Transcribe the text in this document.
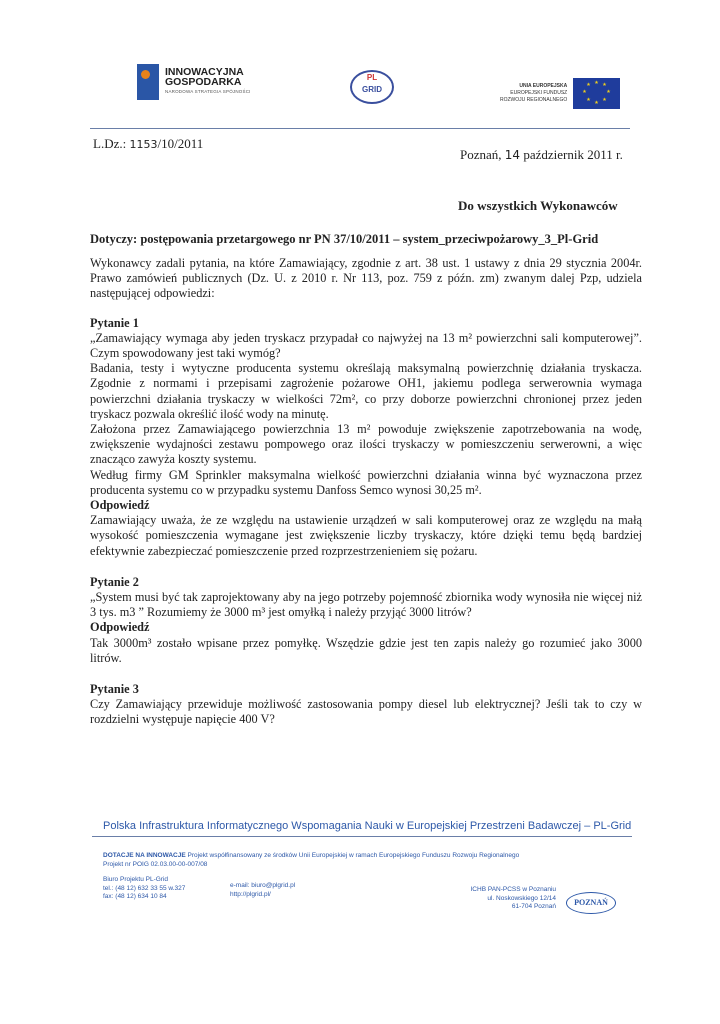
INNOWACYJNA
GOSPODARKA
NARODOWA STRATEGIA SPÓJNOŚCI
PL
GRID	UNIA EUROPEJSKA
EUROPEJSKI FUNDUSZ
ROZWOJU REGIONALNEGO
★ ★
★
★
★
★
★
★
L.Dz.: 1153/10/2011
Poznań, 14 październik 2011 r.
Do wszystkich Wykonawców
Dotyczy: postępowania przetargowego nr PN 37/10/2011 – system_przeciwpożarowy_3_Pl-Grid

Wykonawcy zadali pytania, na które Zamawiający, zgodnie z art. 38 ust. 1 ustawy z dnia 29 stycznia 2004r. Prawo zamówień publicznych (Dz. U. z 2010 r. Nr 113, poz. 759 z późn. zm) zwanym dalej Pzp, udziela następującej odpowiedzi:

Pytanie 1

„Zamawiający wymaga aby jeden tryskacz przypadał co najwyżej na 13 m² powierzchni sali komputerowej”. Czym spowodowany jest taki wymóg?

Badania, testy i wytyczne producenta systemu określają maksymalną powierzchnię działania tryskacza. Zgodnie z normami i przepisami zagrożenie pożarowe OH1, jakiemu podlega serwerownia wymaga powierzchni działania tryskaczy w wielkości 72m², co przy doborze powierzchni chronionej przez jeden tryskacz pozwala określić ilość wody na minutę.

Założona przez Zamawiającego powierzchnia 13 m² powoduje zwiększenie zapotrzebowania na wodę, zwiększenie wydajności zestawu pompowego oraz ilości tryskaczy w pomieszczeniu serwerowni, a więc znacząco zawyża koszty systemu.

Według firmy GM Sprinkler maksymalna wielkość powierzchni działania winna być wyznaczona przez producenta systemu co w przypadku systemu Danfoss Semco wynosi 30,25 m².

Odpowiedź

Zamawiający uważa, że ze względu na ustawienie urządzeń w sali komputerowej oraz ze względu na małą wysokość pomieszczenia wymagane jest zwiększenie liczby tryskaczy, które dzięki temu będą bardziej efektywnie zabezpieczać pomieszczenie przed rozprzestrzenieniem się pożaru.

Pytanie 2

„System musi być tak zaprojektowany aby na jego potrzeby pojemność zbiornika wody wynosiła nie więcej niż 3 tys. m3 ” Rozumiemy że 3000 m³ jest omyłką i należy przyjąć 3000 litrów?

Odpowiedź

Tak 3000m³ zostało wpisane przez pomyłkę. Wszędzie gdzie jest ten zapis należy go rozumieć jako 3000 litrów.

Pytanie 3

Czy Zamawiający przewiduje możliwość zastosowania pompy diesel lub elektrycznej? Jeśli tak to czy w rozdzielni występuje napięcie 400 V?

Polska Infrastruktura Informatycznego Wspomagania Nauki w Europejskiej Przestrzeni Badawczej – PL-Grid
DOTACJE NA INNOWACJE Projekt współfinansowany ze środków Unii Europejskiej w ramach Europejskiego Funduszu Rozwoju Regionalnego
Projekt nr POIG 02.03.00-00-007/08
Biuro Projektu PL-Grid
tel.: (48 12) 632 33 55 w.327
fax: (48 12) 634 10 84
e-mail: biuro@plgrid.pl
http://plgrid.pl/
ICHB PAN-PCSS w Poznaniu
ul. Noskowskiego 12/14
61-704 Poznań	POZNAŃ
